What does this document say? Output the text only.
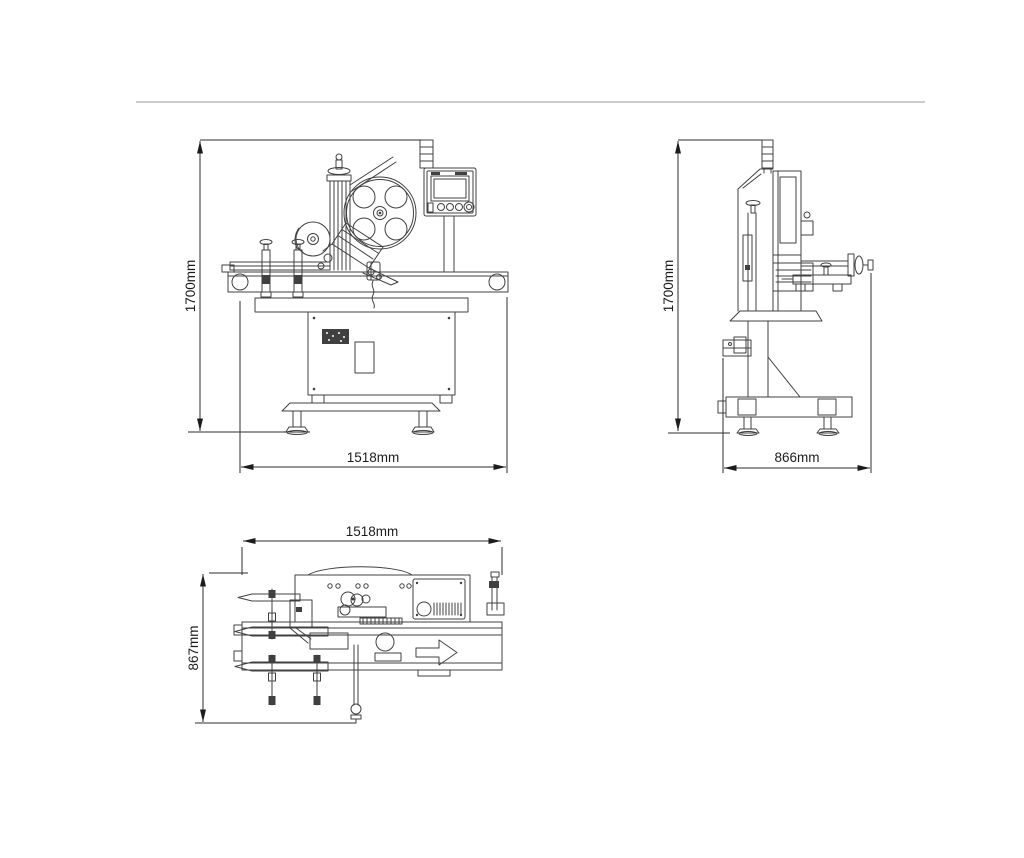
1700mm
1518mm
1700mm
866mm
1518mm
867mm
